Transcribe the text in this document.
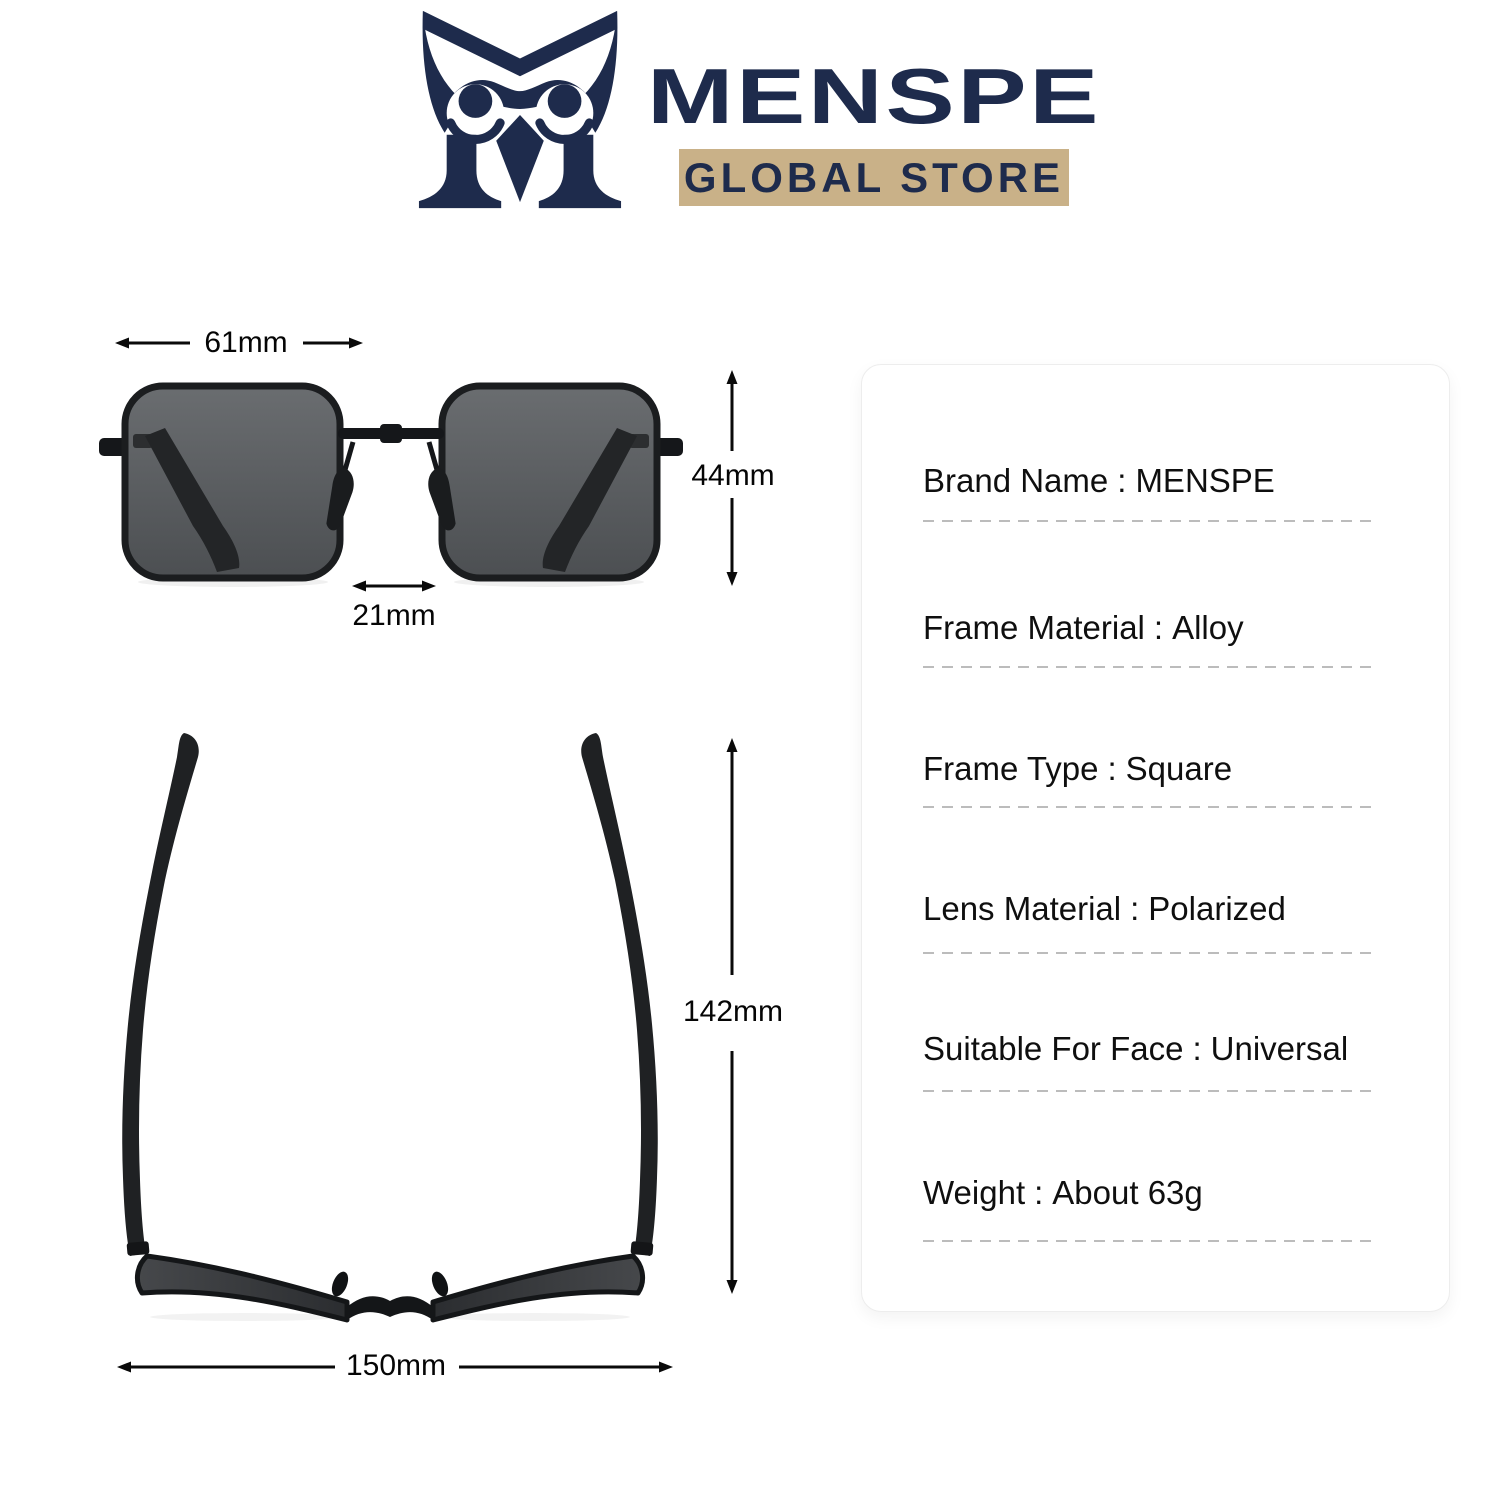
MENSPE
GLOBAL STORE
61mm
44mm
21mm
142mm
150mm
Brand Name : MENSPE
Frame Material : Alloy
Frame Type : Square
Lens Material : Polarized
Suitable For Face : Universal
Weight : About 63g
